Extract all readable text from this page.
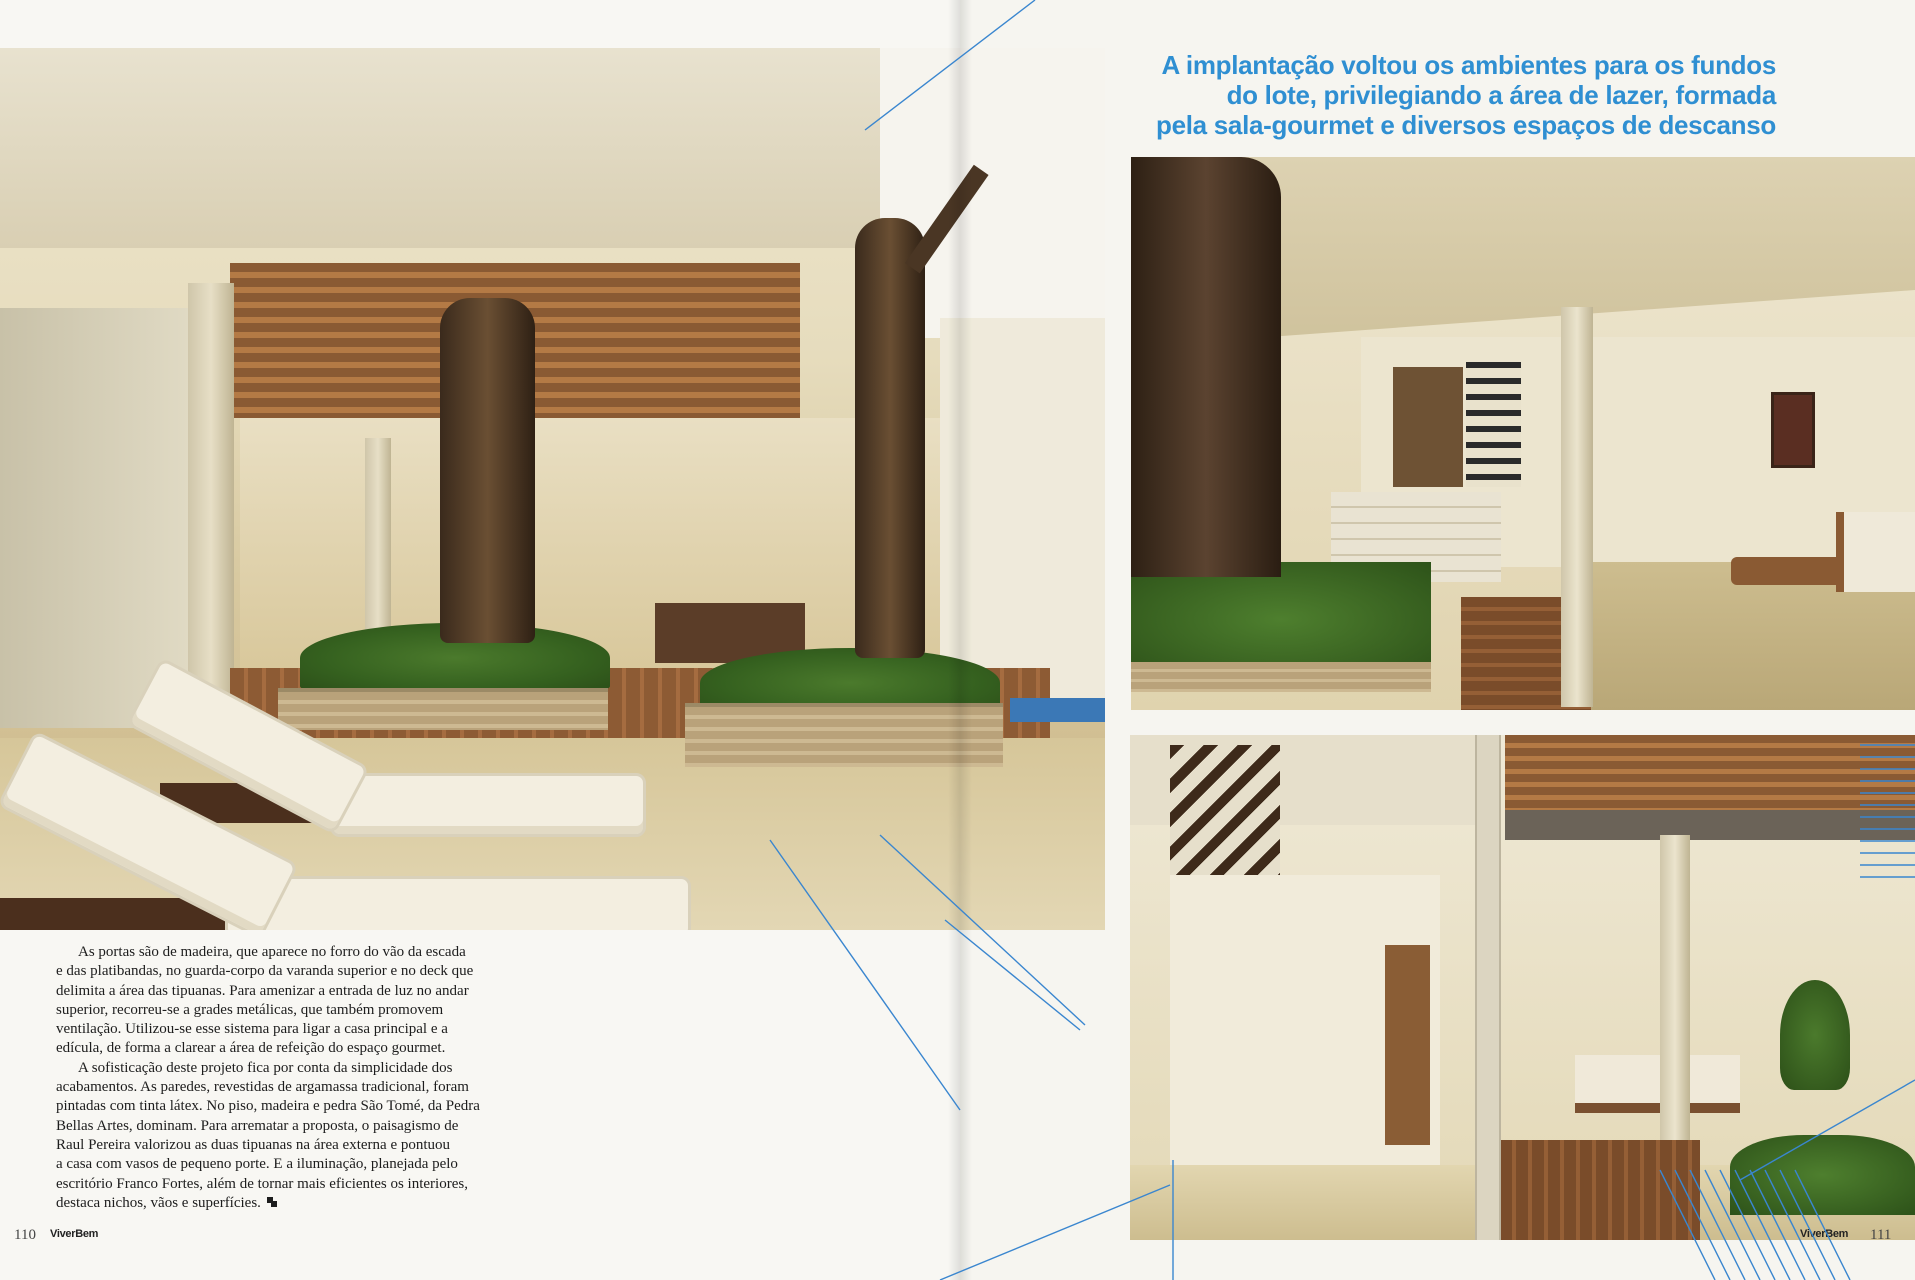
A implantação voltou os ambientes para os fundos
do lote, privilegiando a área de lazer, formada
pela sala-gourmet e diversos espaços de descanso
As portas são de madeira, que aparece no forro do vão da escada
e das platibandas, no guarda-corpo da varanda superior e no deck que
delimita a área das tipuanas. Para amenizar a entrada de luz no andar
superior, recorreu-se a grades metálicas, que também promovem
ventilação. Utilizou-se esse sistema para ligar a casa principal e a
edícula, de forma a clarear a área de refeição do espaço gourmet.
A sofisticação deste projeto fica por conta da simplicidade dos
acabamentos. As paredes, revestidas de argamassa tradicional, foram
pintadas com tinta látex. No piso, madeira e pedra São Tomé, da Pedra
Bellas Artes, dominam. Para arrematar a proposta, o paisagismo de
Raul Pereira valorizou as duas tipuanas na área externa e pontuou
a casa com vasos de pequeno porte. E a iluminação, planejada pelo
escritório Franco Fortes, além de tornar mais eficientes os interiores,
destaca nichos, vãos e superfícies.
110 ViverBem	ViverBem 111
